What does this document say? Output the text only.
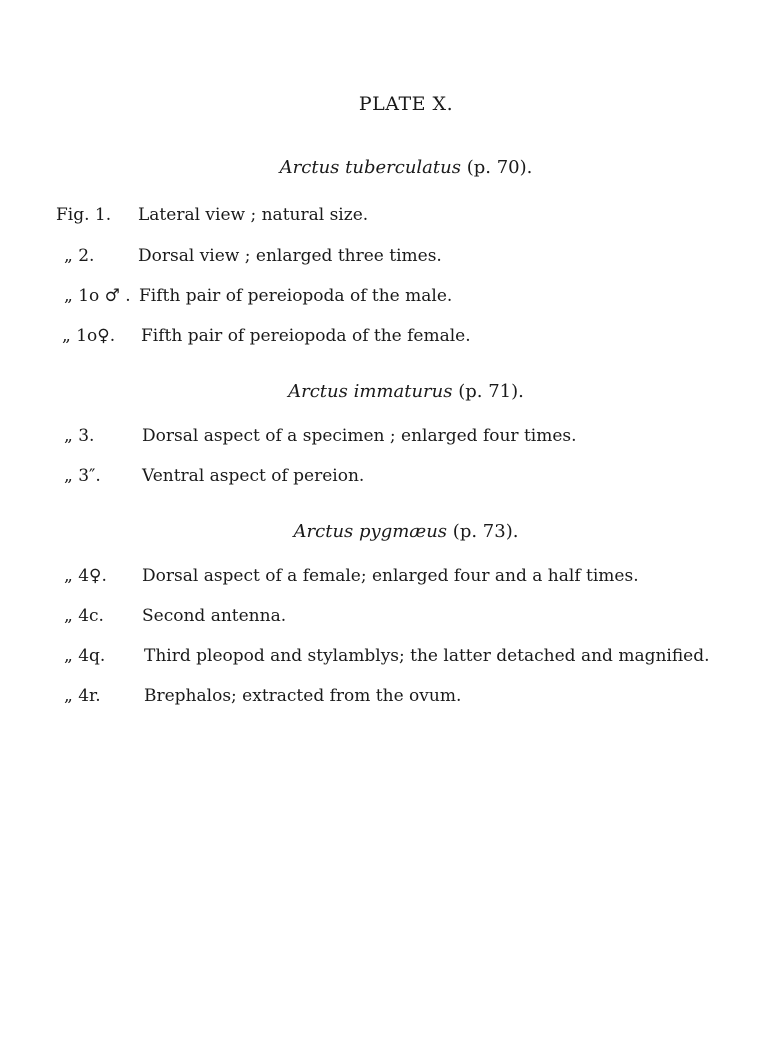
PLATE X.
Arctus tuberculatus (p. 70).
Fig. 1. Lateral view ; natural size.
„ 2.	Dorsal view ; enlarged three times.
„ 1o ♂ . Fifth pair of pereiopoda of the male.
„ 1o♀. Fifth pair of pereiopoda of the female.
Arctus immaturus (p. 71).
„ 3.	Dorsal aspect of a specimen ; enlarged four times.
„ 3″. Ventral aspect of pereion.
Arctus pygmæus (p. 73).
„ 4♀. Dorsal aspect of a female; enlarged four and a half times.
„ 4c. Second antenna.
„ 4q. Third pleopod and stylamblys; the latter detached and magnified.
„ 4r.	Brephalos; extracted from the ovum.
